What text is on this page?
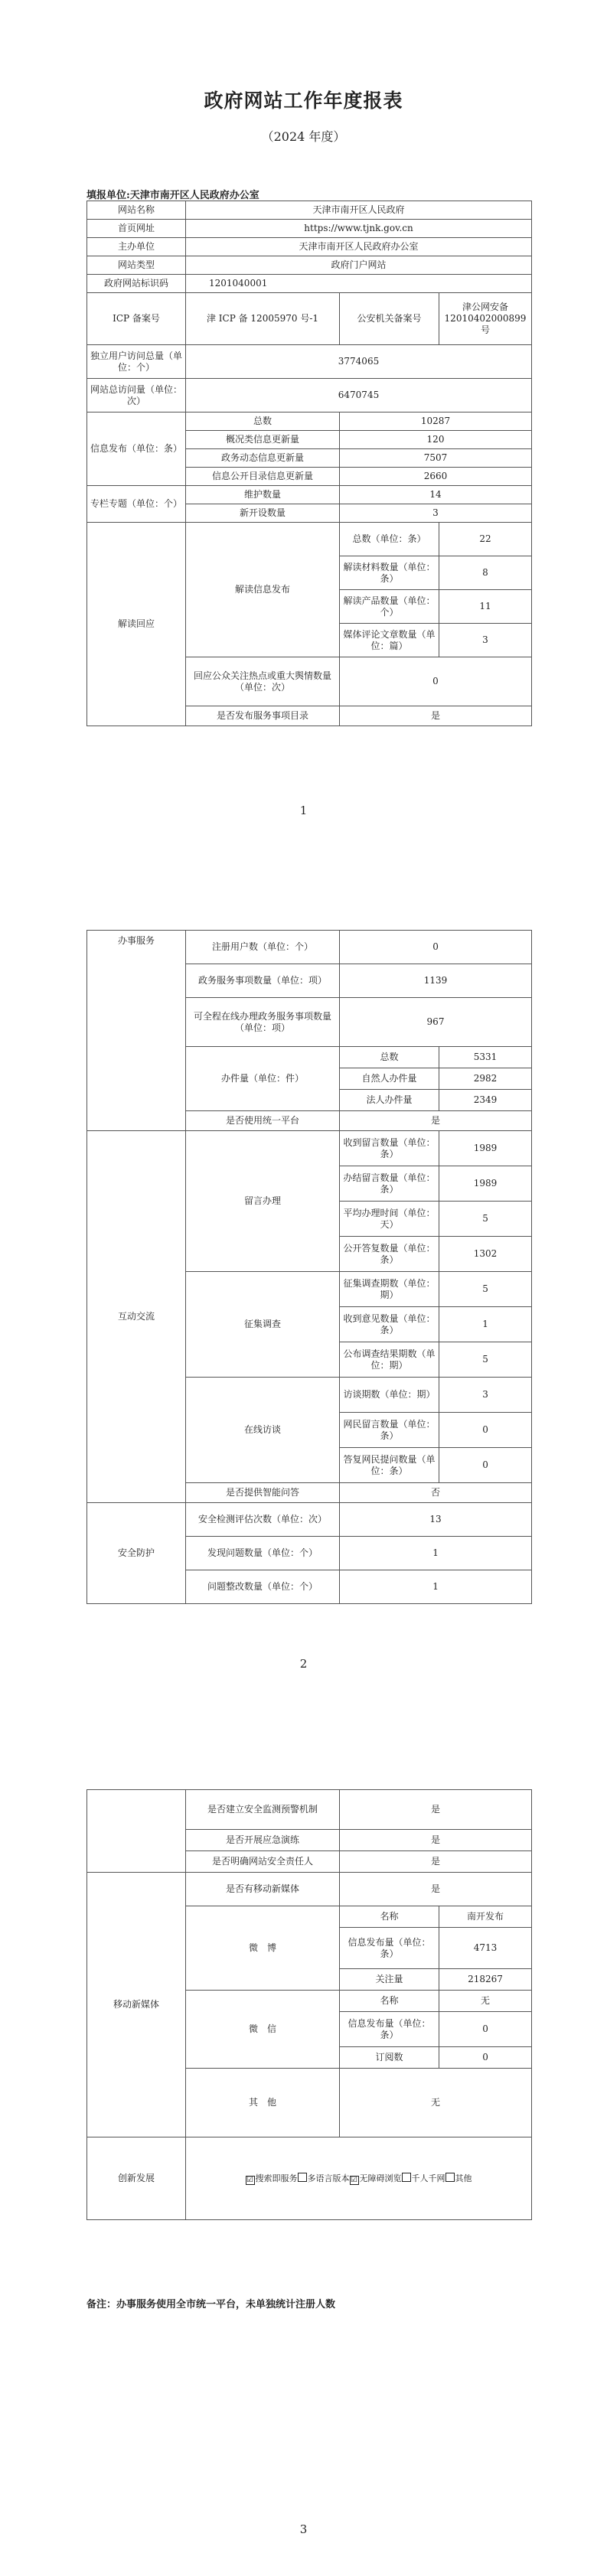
政府网站工作年度报表
（2024 年度）
填报单位:天津市南开区人民政府办公室
网站名称	天津市南开区人民政府		
首页网址	https://www.tjnk.gov.cn		
主办单位	天津市南开区人民政府办公室		
网站类型	政府门户网站		
政府网站标识码	1201040001		
ICP 备案号	津 ICP 备 12005970 号-1	公安机关备案号	津公网安备12010402000899 号
独立用户访问总量（单位：个）	3774065		
网站总访问量（单位：次）	6470745		
信息发布（单位：条）	总数	10287	
	概况类信息更新量	120	
	政务动态信息更新量	7507	
	信息公开目录信息更新量	2660	
专栏专题（单位：个）	维护数量	14	
	新开设数量	3	
解读回应	解读信息发布	总数（单位：条）	22
		解读材料数量（单位：条）	8
		解读产品数量（单位：个）	11
		媒体评论文章数量（单位：篇）	3
	回应公众关注热点或重大舆情数量（单位：次）	0	
	是否发布服务事项目录	是	
1
办事服务	注册用户数（单位：个）	0	
	政务服务事项数量（单位：项）	1139	
	可全程在线办理政务服务事项数量（单位：项）	967	
	办件量（单位：件）	总数	5331
		自然人办件量	2982
		法人办件量	2349
	是否使用统一平台	是	
互动交流	留言办理	收到留言数量（单位：条）	1989
		办结留言数量（单位：条）	1989
		平均办理时间（单位：天）	5
		公开答复数量（单位：条）	1302
	征集调查	征集调查期数（单位：期）	5
		收到意见数量（单位：条）	1
		公布调查结果期数（单位：期）	5
	在线访谈	访谈期数（单位：期）	3
		网民留言数量（单位：条）	0
		答复网民提问数量（单位：条）	0
	是否提供智能问答	否	
安全防护	安全检测评估次数（单位：次）	13	
	发现问题数量（单位：个）	1	
	问题整改数量（单位：个）	1	
2
	是否建立安全监测预警机制	是	
	是否开展应急演练	是	
	是否明确网站安全责任人	是	
移动新媒体	是否有移动新媒体	是	
	微　博	名称	南开发布
		信息发布量（单位：条）	4713
		关注量	218267
	微　信	名称	无
		信息发布量（单位：条）	0
		订阅数	0
	其　他	无	
创新发展	☑ 搜索即服务 多语言版本 ☑ 无障碍浏览 千人千网 其他		
备注：办事服务使用全市统一平台，未单独统计注册人数
3
